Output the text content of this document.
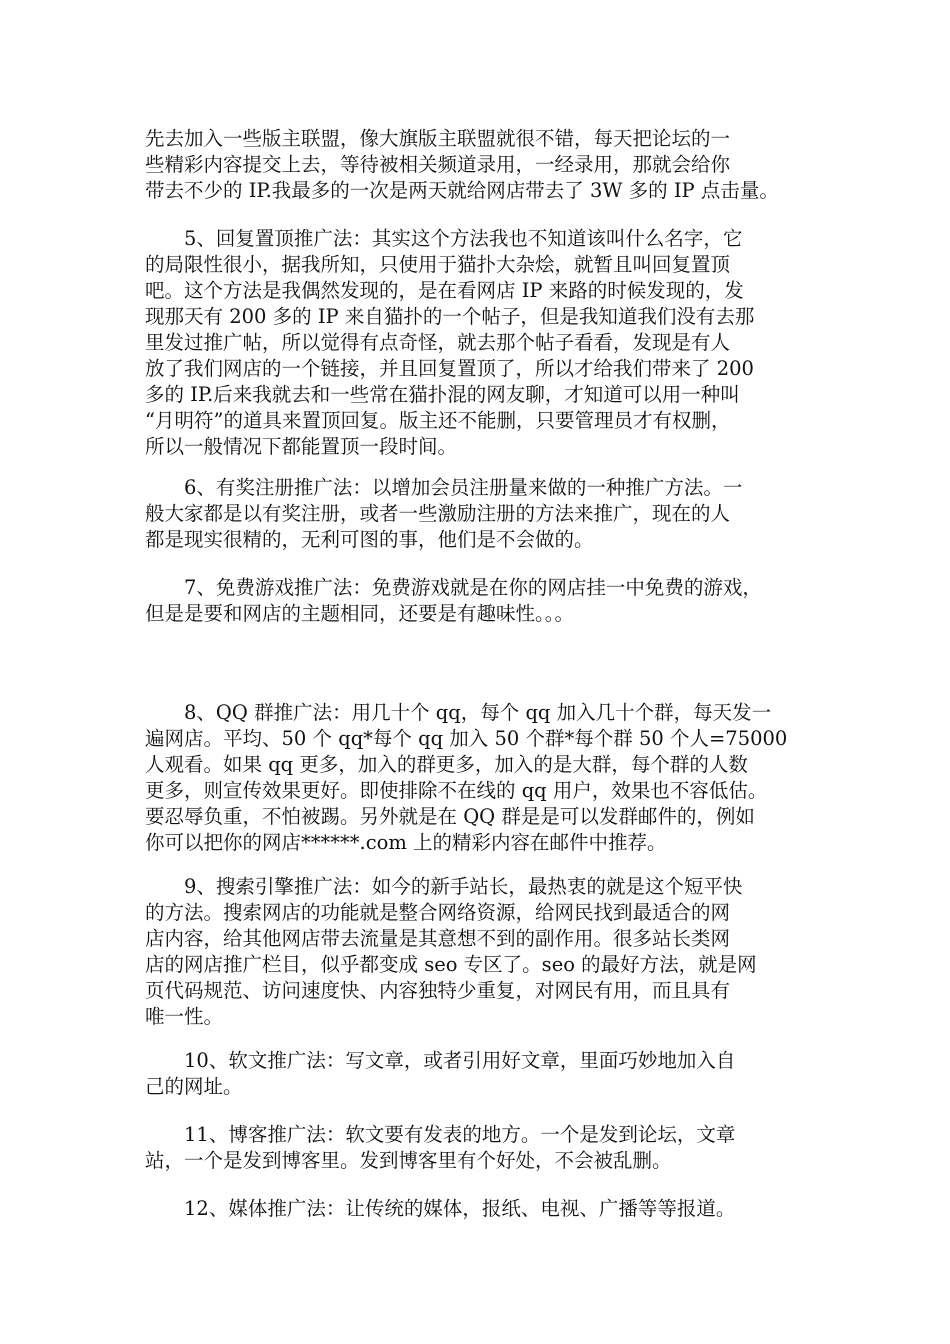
先去加入一些版主联盟，像大旗版主联盟就很不错，每天把论坛的一
些精彩内容提交上去，等待被相关频道录用，一经录用，那就会给你
带去不少的 IP.我最多的一次是两天就给网店带去了 3W 多的 IP 点击量。
　　5、回复置顶推广法：其实这个方法我也不知道该叫什么名字，它
的局限性很小，据我所知，只使用于猫扑大杂烩，就暂且叫回复置顶
吧。这个方法是我偶然发现的，是在看网店 IP 来路的时候发现的，发
现那天有 200 多的 IP 来自猫扑的一个帖子，但是我知道我们没有去那
里发过推广帖，所以觉得有点奇怪，就去那个帖子看看，发现是有人
放了我们网店的一个链接，并且回复置顶了，所以才给我们带来了 200
多的 IP.后来我就去和一些常在猫扑混的网友聊，才知道可以用一种叫
“月明符”的道具来置顶回复。版主还不能删，只要管理员才有权删，
所以一般情况下都能置顶一段时间。
　　6、有奖注册推广法：以增加会员注册量来做的一种推广方法。一
般大家都是以有奖注册，或者一些激励注册的方法来推广，现在的人
都是现实很精的，无利可图的事，他们是不会做的。
　　7、免费游戏推广法：免费游戏就是在你的网店挂一中免费的游戏，
但是是要和网店的主题相同，还要是有趣味性。。。
　　8、QQ 群推广法：用几十个 qq，每个 qq 加入几十个群，每天发一
遍网店。平均、50 个 qq*每个 qq 加入 50 个群*每个群 50 个人=75000
人观看。如果 qq 更多，加入的群更多，加入的是大群，每个群的人数
更多，则宣传效果更好。即使排除不在线的 qq 用户，效果也不容低估。
要忍辱负重，不怕被踢。另外就是在 QQ 群是是可以发群邮件的，例如
你可以把你的网店******.com 上的精彩内容在邮件中推荐。
　　9、搜索引擎推广法：如今的新手站长，最热衷的就是这个短平快
的方法。搜索网店的功能就是整合网络资源，给网民找到最适合的网
店内容，给其他网店带去流量是其意想不到的副作用。很多站长类网
店的网店推广栏目，似乎都变成 seo 专区了。seo 的最好方法，就是网
页代码规范、访问速度快、内容独特少重复，对网民有用，而且具有
唯一性。
　　10、软文推广法：写文章，或者引用好文章，里面巧妙地加入自
己的网址。
　　11、博客推广法：软文要有发表的地方。一个是发到论坛，文章
站，一个是发到博客里。发到博客里有个好处，不会被乱删。
　　12、媒体推广法：让传统的媒体，报纸、电视、广播等等报道。
